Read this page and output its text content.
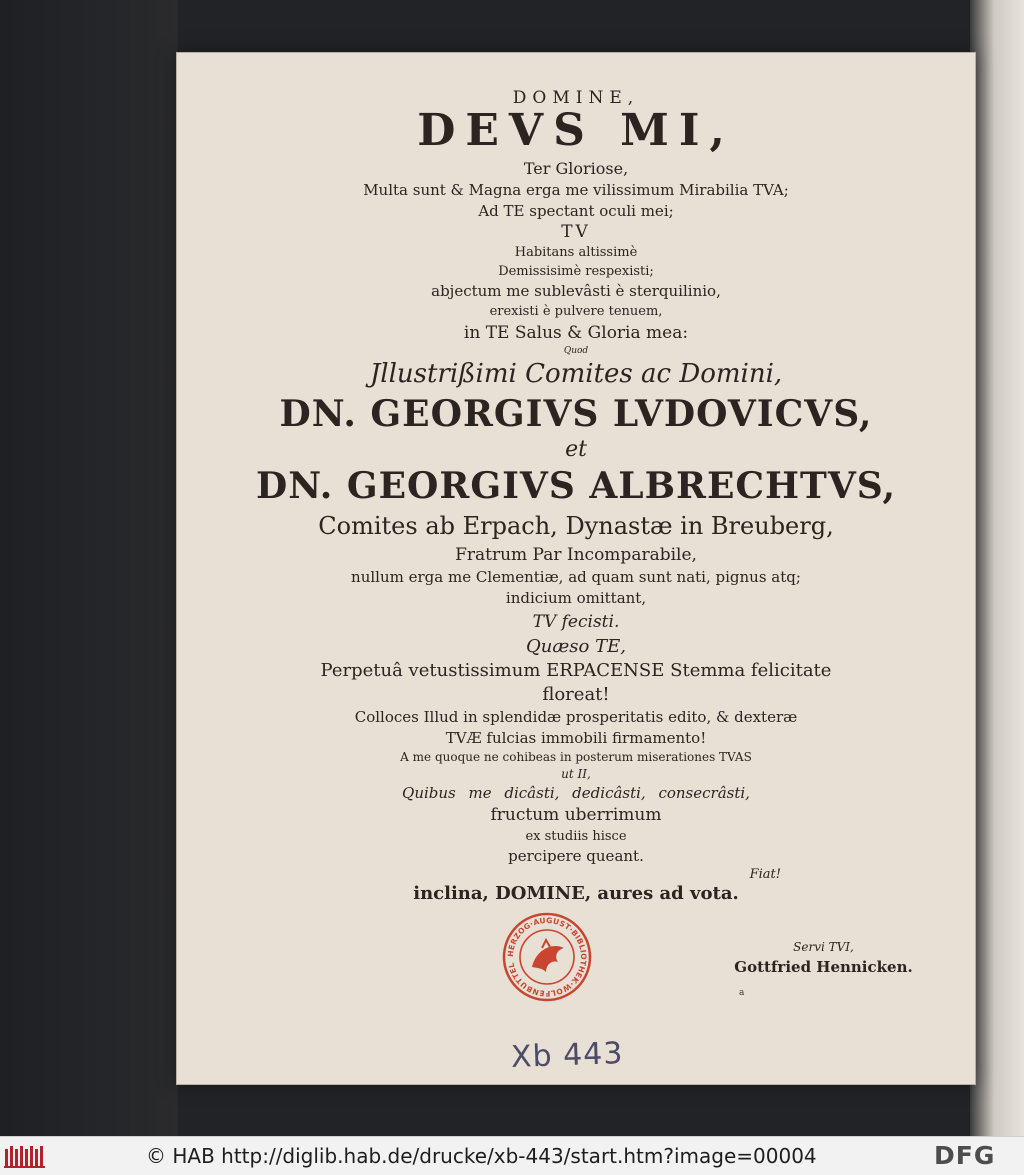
DOMINE,
DEVS MI,
Ter Gloriose,
Multa sunt & Magna erga me vilissimum Mirabilia TVA;
Ad TE spectant oculi mei;
TV
Habitans altissimè
Demissisimè respexisti;
abjectum me sublevâsti è sterquilinio,
erexisti è pulvere tenuem,
in TE Salus & Gloria mea:
Quod
Jllustrißimi Comites ac Domini,
DN. GEORGIVS LVDOVICVS,
et
DN. GEORGIVS ALBRECHTVS,
Comites ab Erpach, Dynastæ in Breuberg,
Fratrum Par Incomparabile,
nullum erga me Clementiæ, ad quam sunt nati, pignus atq;
indicium omittant,
TV fecisti.
Quæso TE,
Perpetuâ vetustissimum ERPACENSE Stemma felicitate
floreat!
Colloces Illud in splendidæ prosperitatis edito, & dexteræ
TVÆ fulcias immobili firmamento!
A me quoque ne cohibeas in posterum miserationes TVAS
ut II,
Quibus me dicâsti, dedicâsti, consecrâsti,
fructum uberrimum
ex studiis hisce
percipere queant.
Fiat!
inclina, DOMINE, aures ad vota.
Servi TVI,
Gottfried Hennicken.
a
HERZOG·AUGUST·BIBLIOTHEK·WOLFENBUTTEL
Xb 443
© HAB http://diglib.hab.de/drucke/xb-443/start.htm?image=00004	DFG
